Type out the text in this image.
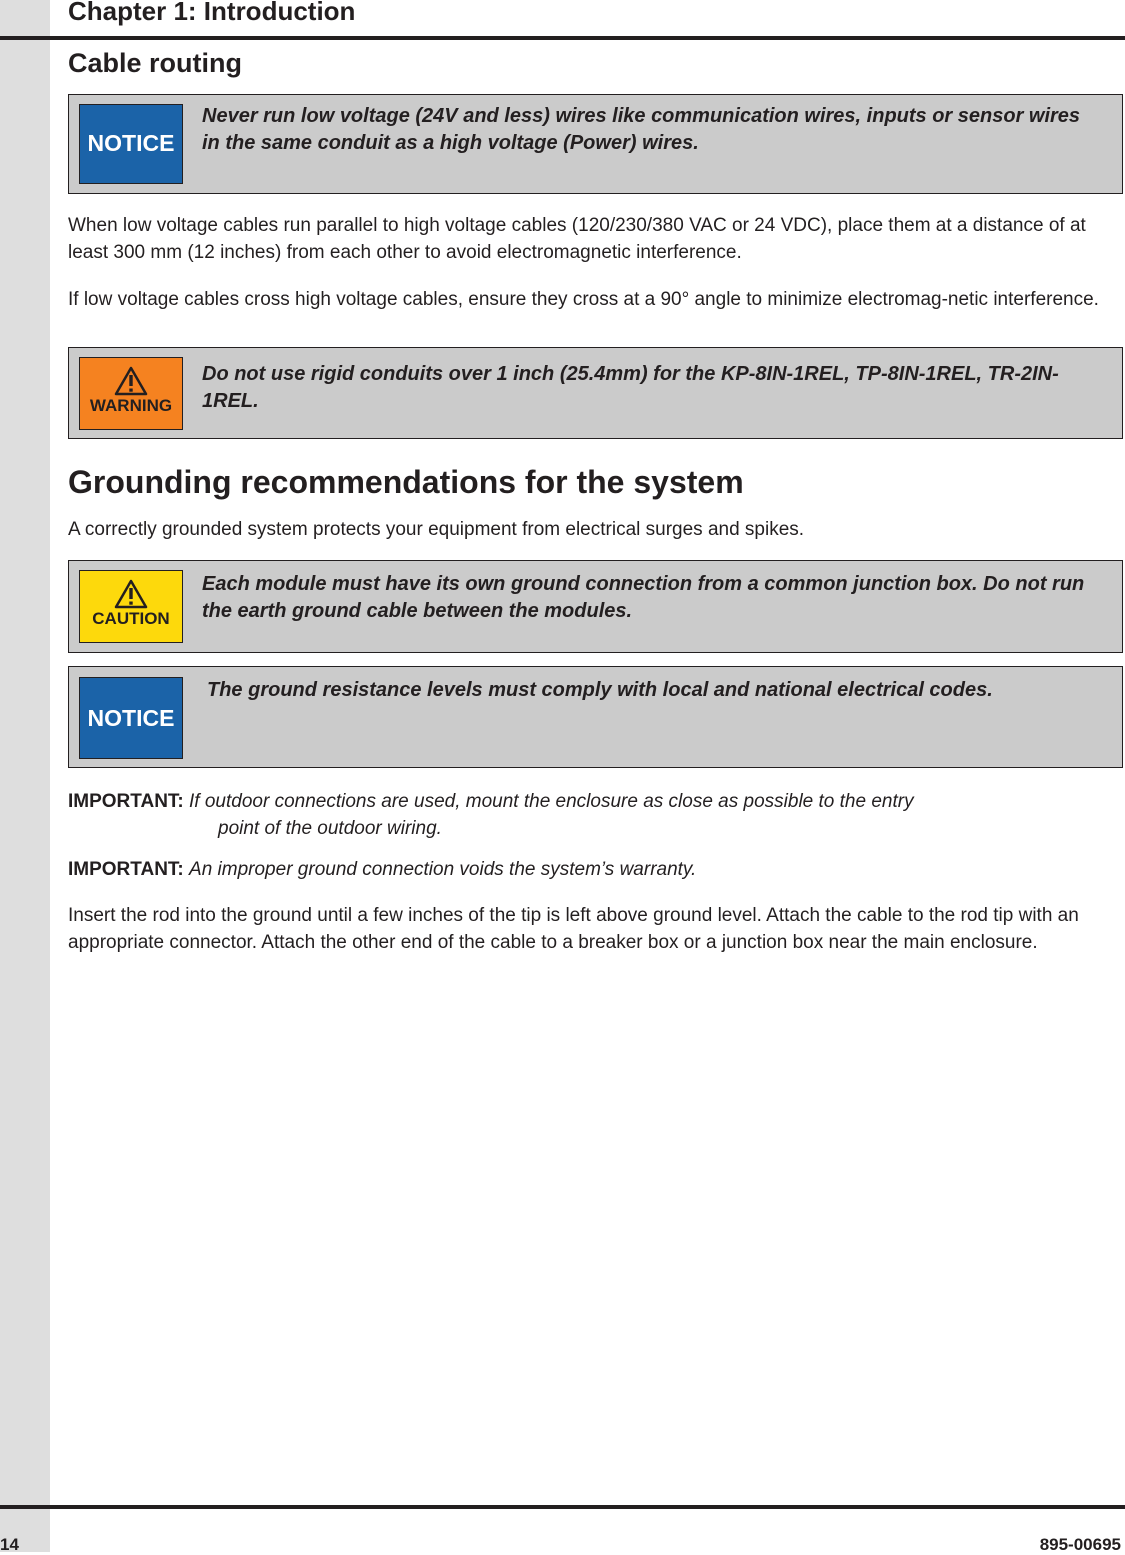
Chapter 1: Introduction
Cable routing
NOTICE
Never run low voltage (24V and less) wires like communication wires, inputs or sensor wires in the same conduit as a high voltage (Power) wires.
When low voltage cables run parallel to high voltage cables (120/230/380 VAC or 24 VDC), place them at a distance of at least 300 mm (12 inches) from each other to avoid electromagnetic interference.
If low voltage cables cross high voltage cables, ensure they cross at a 90° angle to minimize electromag-netic interference.
WARNING
Do not use rigid conduits over 1 inch (25.4mm) for the KP-8IN-1REL, TP-8IN-1REL, TR-2IN-1REL.
Grounding recommendations for the system
A correctly grounded system protects your equipment from electrical surges and spikes.
CAUTION
Each module must have its own ground connection from a common junction box. Do not run the earth ground cable between the modules.
NOTICE
The ground resistance levels must comply with local and national electrical codes.
IMPORTANT: If outdoor connections are used, mount the enclosure as close as possible to the entry
point of the outdoor wiring.
IMPORTANT: An improper ground connection voids the system’s warranty.
Insert the rod into the ground until a few inches of the tip is left above ground level. Attach the cable to the rod tip with an appropriate connector. Attach the other end of the cable to a breaker box or a junction box near the main enclosure.
14	895-00695
